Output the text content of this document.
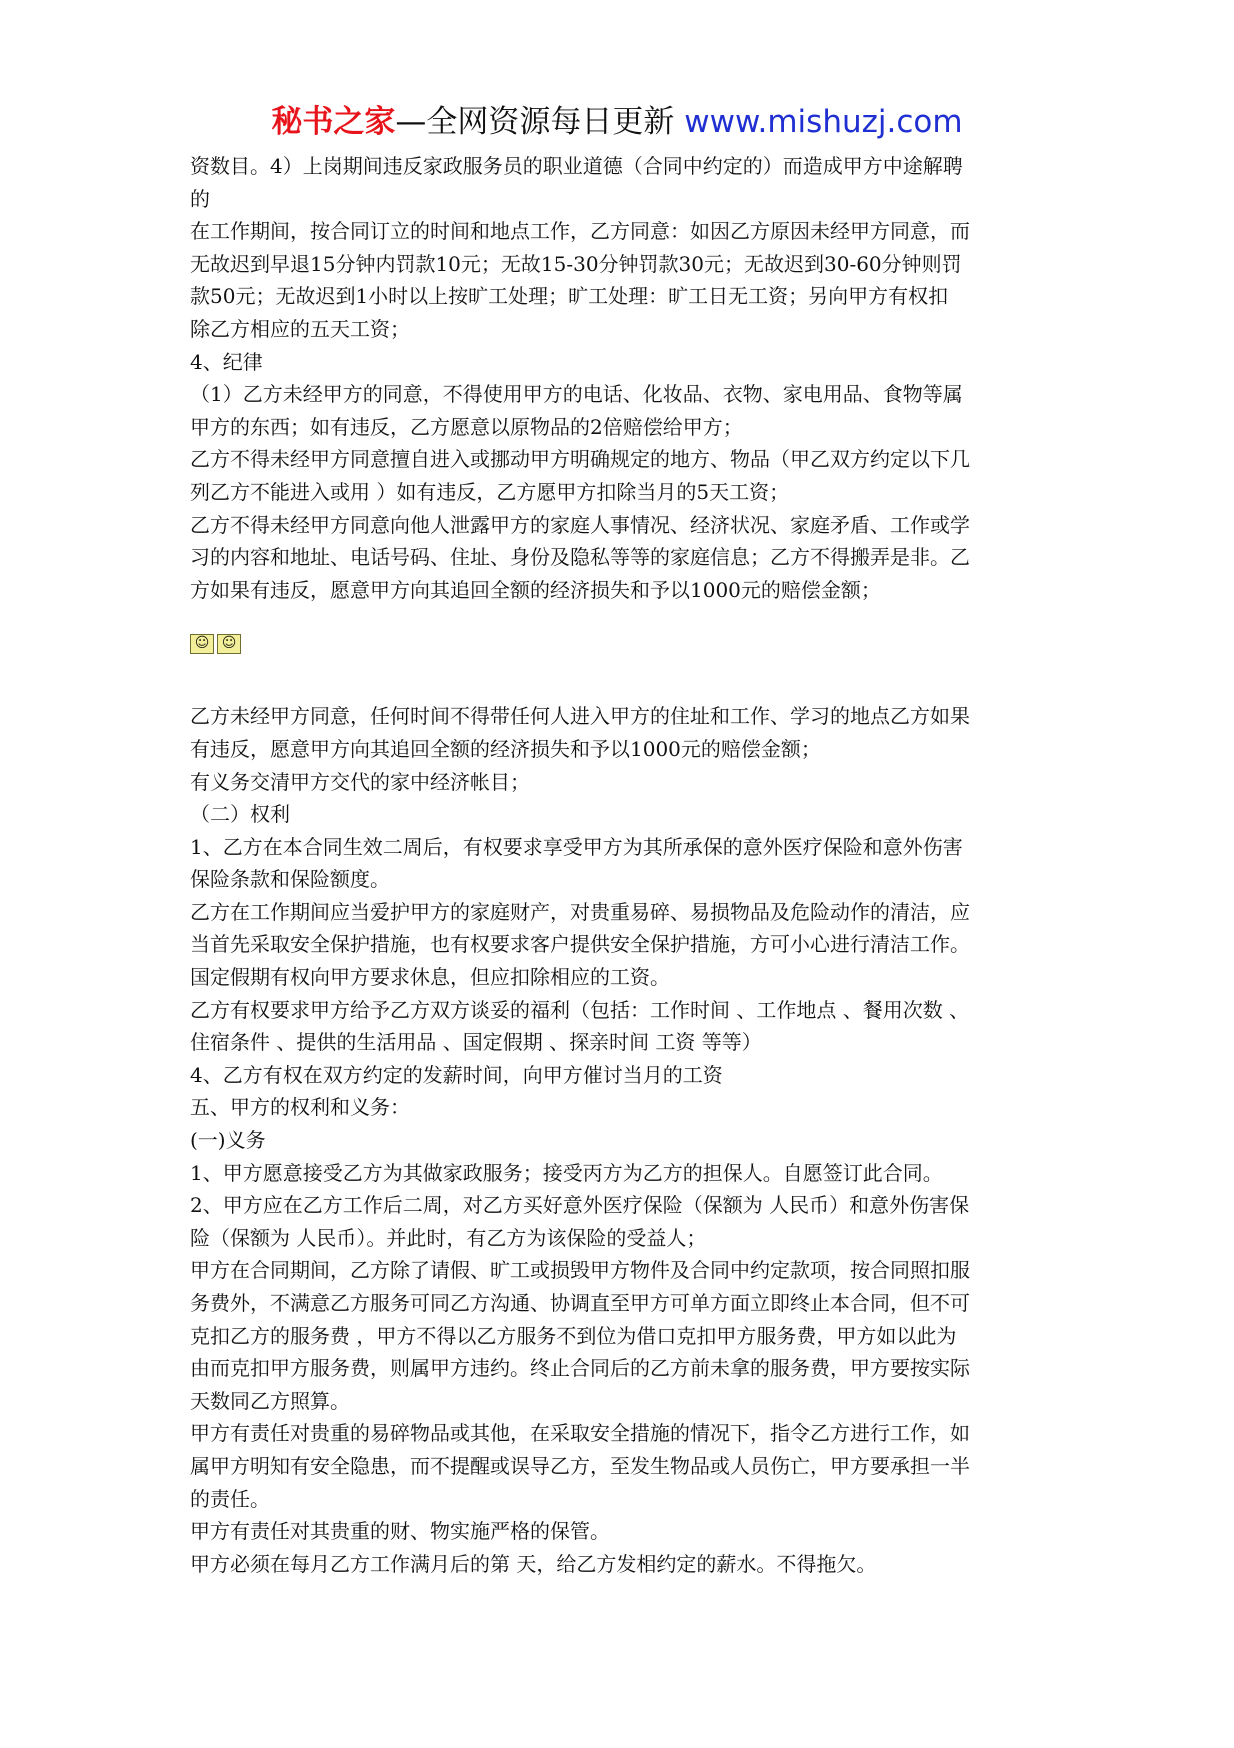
秘书之家—全网资源每日更新 www.mishuzj.com
资数目。4）上岗期间违反家政服务员的职业道德（合同中约定的）而造成甲方中途解聘
的
在工作期间，按合同订立的时间和地点工作，乙方同意：如因乙方原因未经甲方同意，而
无故迟到早退15分钟内罚款10元；无故15-30分钟罚款30元；无故迟到30-60分钟则罚
款50元；无故迟到1小时以上按旷工处理；旷工处理：旷工日无工资；另向甲方有权扣
除乙方相应的五天工资；
4、纪律
（1）乙方未经甲方的同意，不得使用甲方的电话、化妆品、衣物、家电用品、食物等属
甲方的东西；如有违反，乙方愿意以原物品的2倍赔偿给甲方；
乙方不得未经甲方同意擅自进入或挪动甲方明确规定的地方、物品（甲乙双方约定以下几
列乙方不能进入或用 ）如有违反，乙方愿甲方扣除当月的5天工资；
乙方不得未经甲方同意向他人泄露甲方的家庭人事情况、经济状况、家庭矛盾、工作或学
习的内容和地址、电话号码、住址、身份及隐私等等的家庭信息；乙方不得搬弄是非。乙
方如果有违反，愿意甲方向其追回全额的经济损失和予以1000元的赔偿金额；
☺ ☺
乙方未经甲方同意，任何时间不得带任何人进入甲方的住址和工作、学习的地点乙方如果
有违反，愿意甲方向其追回全额的经济损失和予以1000元的赔偿金额；
有义务交清甲方交代的家中经济帐目；
（二）权利
1、乙方在本合同生效二周后，有权要求享受甲方为其所承保的意外医疗保险和意外伤害
保险条款和保险额度。
乙方在工作期间应当爱护甲方的家庭财产，对贵重易碎、易损物品及危险动作的清洁，应
当首先采取安全保护措施，也有权要求客户提供安全保护措施，方可小心进行清洁工作。
国定假期有权向甲方要求休息，但应扣除相应的工资。
乙方有权要求甲方给予乙方双方谈妥的福利（包括：工作时间 、工作地点 、餐用次数 、
住宿条件 、提供的生活用品 、国定假期 、探亲时间 工资 等等）
4、乙方有权在双方约定的发薪时间，向甲方催讨当月的工资
五、甲方的权利和义务：
(一)义务
1、甲方愿意接受乙方为其做家政服务；接受丙方为乙方的担保人。自愿签订此合同。
2、甲方应在乙方工作后二周，对乙方买好意外医疗保险（保额为 人民币）和意外伤害保
险（保额为 人民币）。并此时，有乙方为该保险的受益人；
甲方在合同期间，乙方除了请假、旷工或损毁甲方物件及合同中约定款项，按合同照扣服
务费外，不满意乙方服务可同乙方沟通、协调直至甲方可单方面立即终止本合同，但不可
克扣乙方的服务费 ，甲方不得以乙方服务不到位为借口克扣甲方服务费，甲方如以此为
由而克扣甲方服务费，则属甲方违约。终止合同后的乙方前未拿的服务费，甲方要按实际
天数同乙方照算。
甲方有责任对贵重的易碎物品或其他，在采取安全措施的情况下，指令乙方进行工作，如
属甲方明知有安全隐患，而不提醒或误导乙方，至发生物品或人员伤亡，甲方要承担一半
的责任。
甲方有责任对其贵重的财、物实施严格的保管。
甲方必须在每月乙方工作满月后的第 天，给乙方发相约定的薪水。不得拖欠。
